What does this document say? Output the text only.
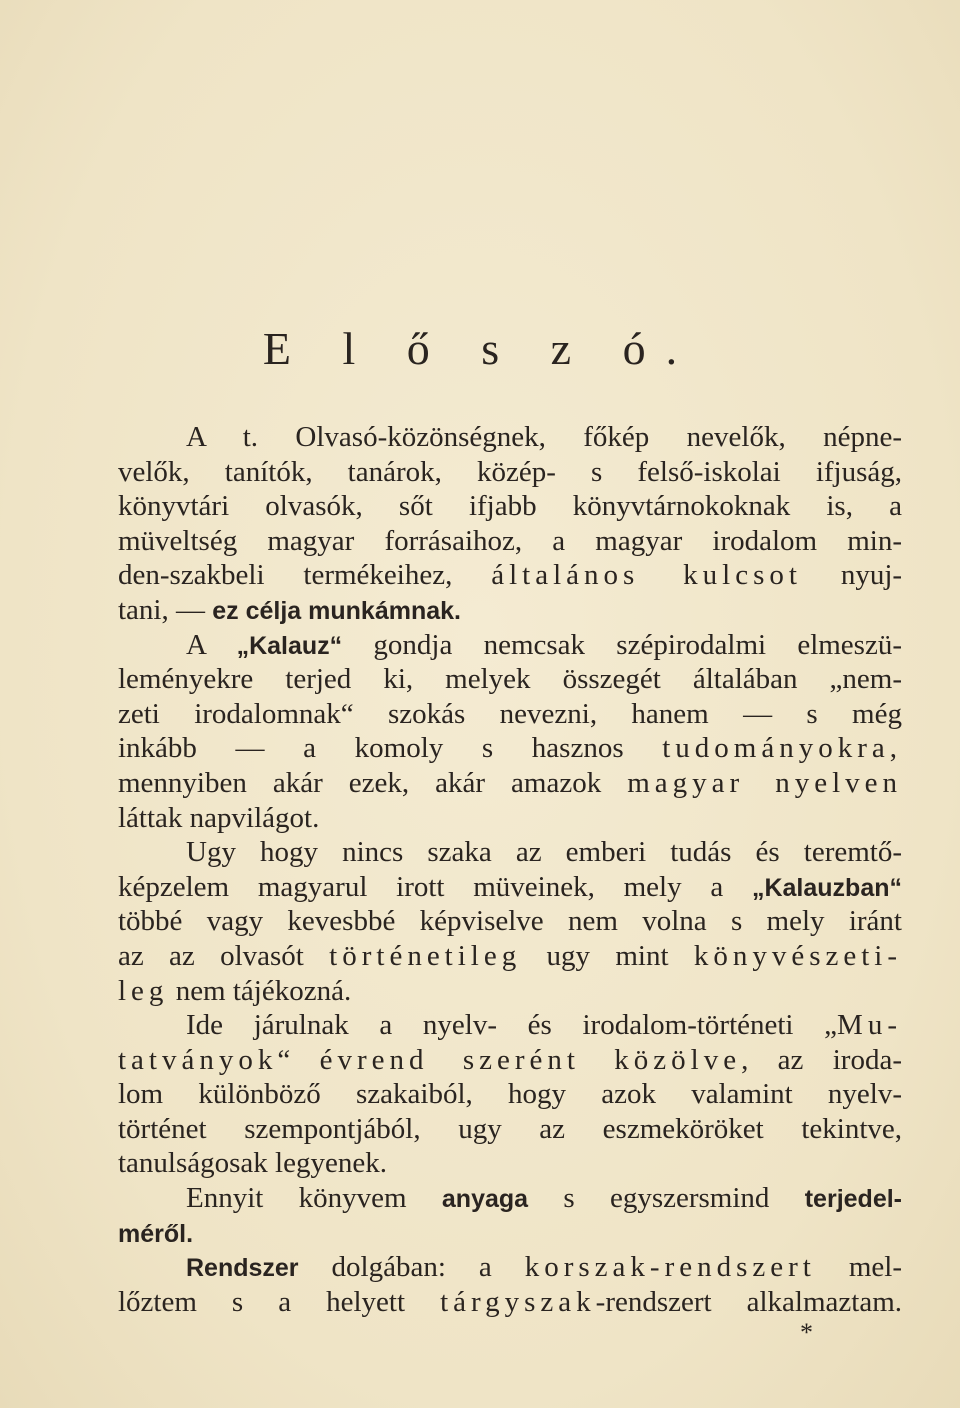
E l ő s z ó.
A t. Olvasó-közönségnek, főkép nevelők, népne-
velők, tanítók, tanárok, közép- s felső-iskolai ifjuság,
könyvtári olvasók, sőt ifjabb könyvtárnokoknak is, a
müveltség magyar forrásaihoz, a magyar irodalom min-
den-szakbeli termékeihez, általános kulcsot nyuj-
tani, — ez célja munkámnak.
A „Kalauz“ gondja nemcsak szépirodalmi elmeszü-
leményekre terjed ki, melyek összegét általában „nem-
zeti irodalomnak“ szokás nevezni, hanem — s még
inkább — a komoly s hasznos tudományokra,
mennyiben akár ezek, akár amazok magyar nyelven
láttak napvilágot.
Ugy hogy nincs szaka az emberi tudás és teremtő-
képzelem magyarul irott müveinek, mely a „Kalauzban“
többé vagy kevesbbé képviselve nem volna s mely iránt
az az olvasót történetileg ugy mint könyvészeti-
leg nem tájékozná.
Ide járulnak a nyelv- és irodalom-történeti „Mu-
tatványok“ évrend szerént közölve, az iroda-
lom különböző szakaiból, hogy azok valamint nyelv-
történet szempontjából, ugy az eszmeköröket tekintve,
tanulságosak legyenek.
Ennyit könyvem anyaga s egyszersmind terjedel-
méről.
Rendszer dolgában: a korszak-rendszert mel-
lőztem s a helyett tárgyszak-rendszert alkalmaztam.
*
